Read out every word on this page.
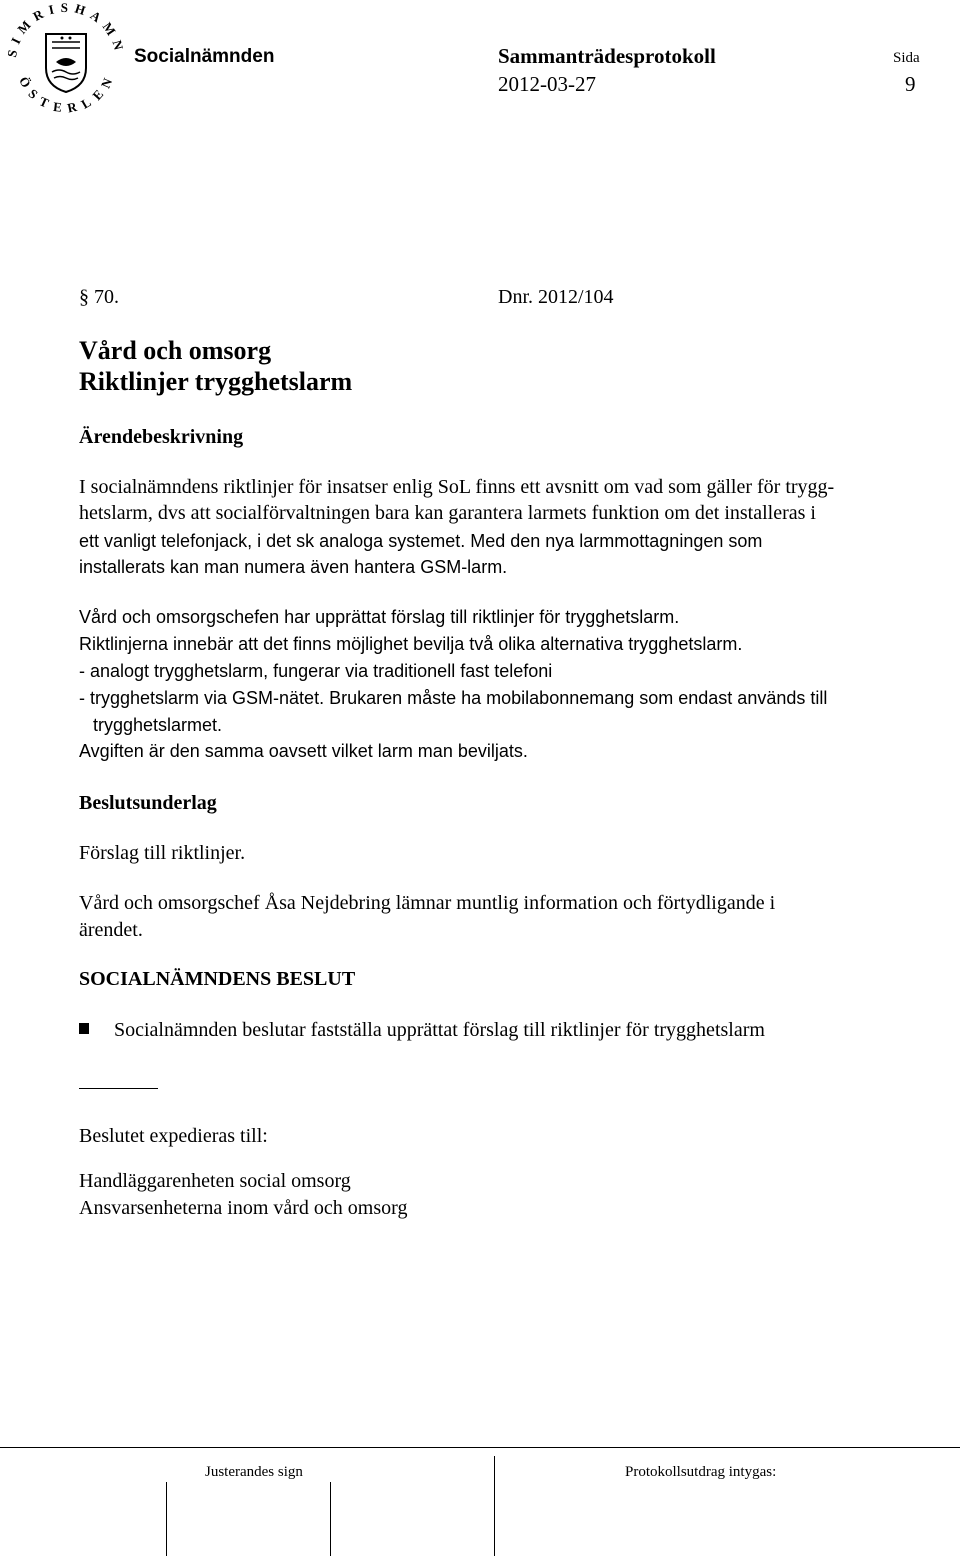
SIMRISHAMN
ÖSTERLEN
Socialnämnden	Sammanträdesprotokoll
2012-03-27
Sida
9
§ 70.	Dnr. 2012/104
Vård och omsorg
Riktlinjer trygghetslarm
Ärendebeskrivning
I socialnämndens riktlinjer för insatser enlig SoL finns ett avsnitt om vad som gäller för trygg-
hetslarm, dvs att socialförvaltningen bara kan garantera larmets funktion om det installeras i
ett vanligt telefonjack, i det sk analoga systemet. Med den nya larmmottagningen som
installerats kan man numera även hantera GSM-larm.
Vård och omsorgschefen har upprättat förslag till riktlinjer för trygghetslarm.
Riktlinjerna innebär att det finns möjlighet bevilja två olika alternativa trygghetslarm.
- analogt trygghetslarm, fungerar via traditionell fast telefoni
- trygghetslarm via GSM-nätet. Brukaren måste ha mobilabonnemang som endast används till
trygghetslarmet.
Avgiften är den samma oavsett vilket larm man beviljats.
Beslutsunderlag
Förslag till riktlinjer.
Vård och omsorgschef Åsa Nejdebring lämnar muntlig information och förtydligande i
ärendet.
SOCIALNÄMNDENS BESLUT
Socialnämnden beslutar fastställa upprättat förslag till riktlinjer för trygghetslarm
Beslutet expedieras till:
Handläggarenheten social omsorg
Ansvarsenheterna inom vård och omsorg
Justerandes sign	Protokollsutdrag intygas:
